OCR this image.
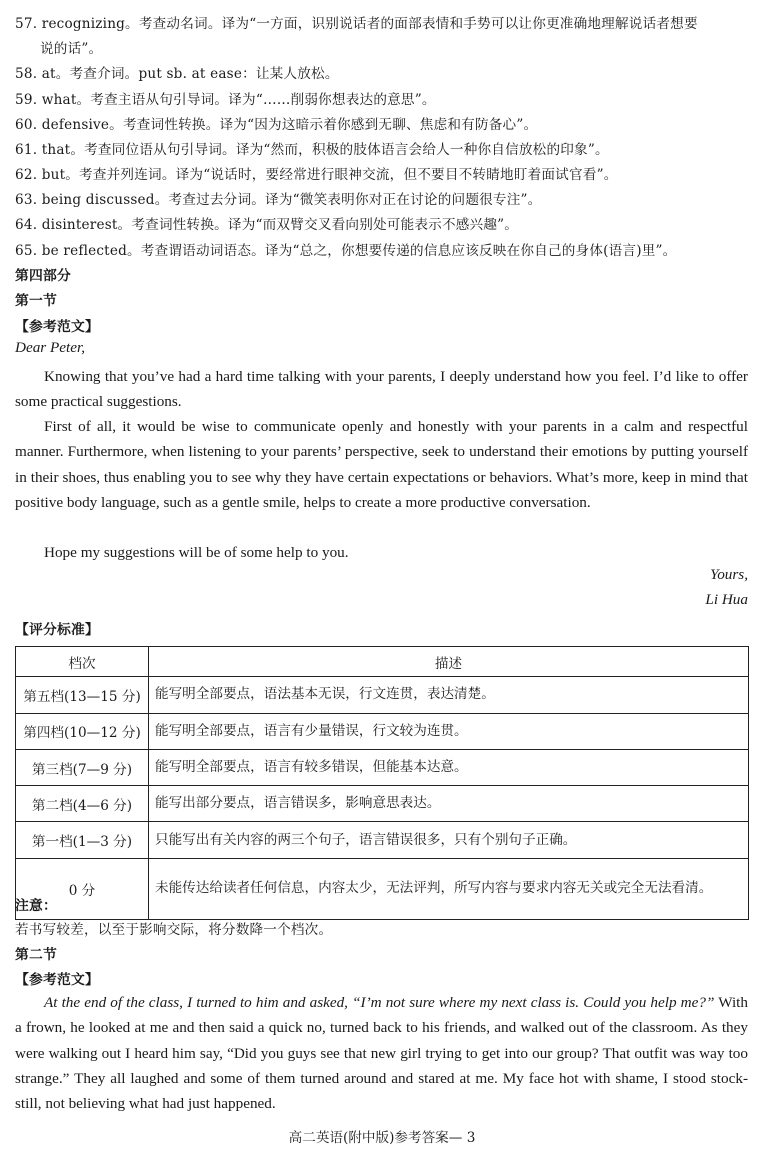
57. recognizing。考查动名词。译为“一方面，识别说话者的面部表情和手势可以让你更准确地理解说话者想要
说的话”。
58. at。考查介词。put sb. at ease：让某人放松。
59. what。考查主语从句引导词。译为“……削弱你想表达的意思”。
60. defensive。考查词性转换。译为“因为这暗示着你感到无聊、焦虑和有防备心”。
61. that。考查同位语从句引导词。译为“然而，积极的肢体语言会给人一种你自信放松的印象”。
62. but。考查并列连词。译为“说话时，要经常进行眼神交流，但不要目不转睛地盯着面试官看”。
63. being discussed。考查过去分词。译为“微笑表明你对正在讨论的问题很专注”。
64. disinterest。考查词性转换。译为“而双臂交叉看向别处可能表示不感兴趣”。
65. be reflected。考查谓语动词语态。译为“总之，你想要传递的信息应该反映在你自己的身体(语言)里”。
第四部分
第一节
【参考范文】
Dear Peter,
Knowing that you’ve had a hard time talking with your parents, I deeply understand how you feel. I’d like to offer some practical suggestions.
First of all, it would be wise to communicate openly and honestly with your parents in a calm and respectful manner. Furthermore, when listening to your parents’ perspective, seek to understand their emotions by putting yourself in their shoes, thus enabling you to see why they have certain expectations or behaviors. What’s more, keep in mind that positive body language, such as a gentle smile, helps to create a more productive conversation.
Hope my suggestions will be of some help to you.
Yours,
Li Hua
【评分标准】
档次	描述
第五档(13—15 分)	能写明全部要点，语法基本无误，行文连贯，表达清楚。
第四档(10—12 分)	能写明全部要点，语言有少量错误，行文较为连贯。
第三档(7—9 分)	能写明全部要点，语言有较多错误，但能基本达意。
第二档(4—6 分)	能写出部分要点，语言错误多，影响意思表达。
第一档(1—3 分)	只能写出有关内容的两三个句子，语言错误很多，只有个别句子正确。
0 分	未能传达给读者任何信息，内容太少，无法评判，所写内容与要求内容无关或完全无法看清。
注意：
若书写较差，以至于影响交际，将分数降一个档次。
第二节
【参考范文】
At the end of the class, I turned to him and asked, “I’m not sure where my next class is. Could you help me?” With a frown, he looked at me and then said a quick no, turned back to his friends, and walked out of the classroom. As they were walking out I heard him say, “Did you guys see that new girl trying to get into our group? That outfit was way too strange.” They all laughed and some of them turned around and stared at me. My face hot with shame, I stood stock-still, not believing what had just happened.
高二英语(附中版)参考答案— 3
